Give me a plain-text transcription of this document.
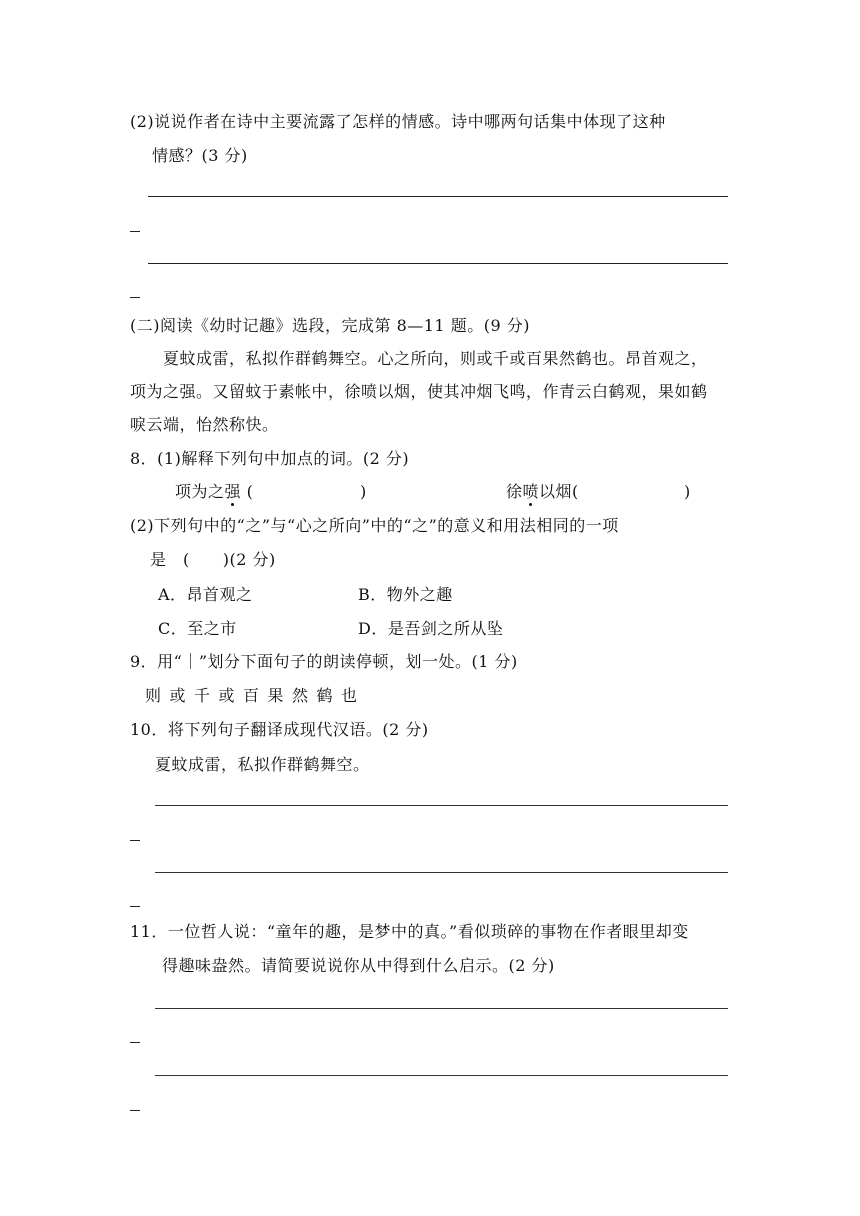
(2)说说作者在诗中主要流露了怎样的情感。诗中哪两句话集中体现了这种
情感？(3 分)
(二)阅读《幼时记趣》选段，完成第 8—11 题。(9 分)
夏蚊成雷，私拟作群鹤舞空。心之所向，则或千或百果然鹤也。昂首观之，
项为之强。又留蚊于素帐中，徐喷以烟，使其冲烟飞鸣，作青云白鹤观，果如鹤
唳云端，怡然称快。
8．(1)解释下列句中加点的词。(2 分)
项为之强 (	)	徐喷以烟(	)
(2)下列句中的“之”与“心之所向”中的“之”的意义和用法相同的一项
是　(　　)(2 分)
A．昂首观之	B．物外之趣
C．至之市	D．是吾剑之所从坠
9．用“｜”划分下面句子的朗读停顿，划一处。(1 分)
则或千或百果然鹤也
10．将下列句子翻译成现代汉语。(2 分)
夏蚊成雷，私拟作群鹤舞空。
11．一位哲人说：“童年的趣，是梦中的真。”看似琐碎的事物在作者眼里却变
得趣味盎然。请简要说说你从中得到什么启示。(2 分)
